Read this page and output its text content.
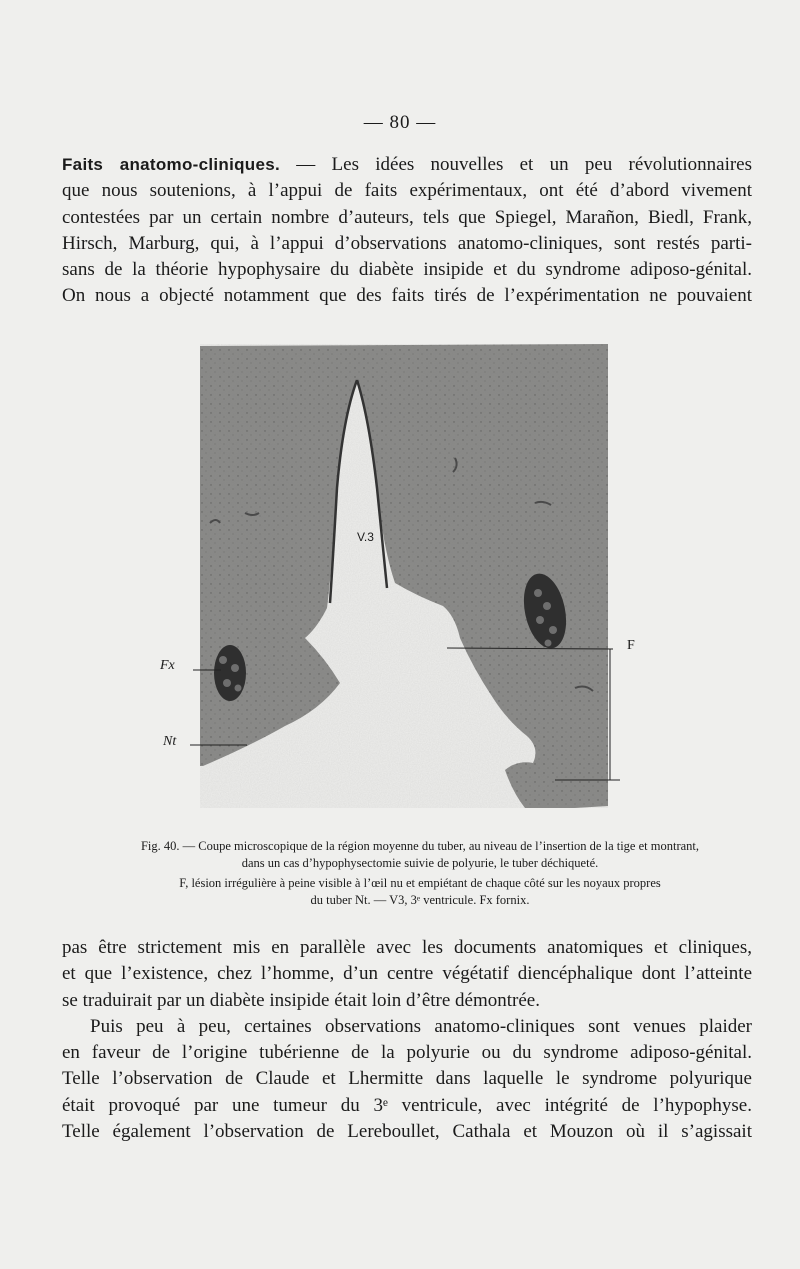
— 80 —
Faits anatomo-cliniques. — Les idées nouvelles et un peu révolutionnaires
que nous soutenions, à l’appui de faits expérimentaux, ont été d’abord vivement
contestées par un certain nombre d’auteurs, tels que Spiegel, Marañon, Biedl, Frank,
Hirsch, Marburg, qui, à l’appui d’observations anatomo-cliniques, sont restés parti-
sans de la théorie hypophysaire du diabète insipide et du syndrome adiposo-génital.
On nous a objecté notamment que des faits tirés de l’expérimentation ne pouvaient
V.3
Fx
Nt
F

Fig. 40. — Coupe microscopique de la région moyenne du tuber, au niveau de l’insertion de la tige et montrant,

dans un cas d’hypophysectomie suivie de polyurie, le tuber déchiqueté.

F, lésion irrégulière à peine visible à l’œil nu et empiétant de chaque côté sur les noyaux propres

du tuber Nt. — V3, 3ᵉ ventricule. Fx fornix.

pas être strictement mis en parallèle avec les documents anatomiques et cliniques,
et que l’existence, chez l’homme, d’un centre végétatif diencéphalique dont l’atteinte
se traduirait par un diabète insipide était loin d’être démontrée.
Puis peu à peu, certaines observations anatomo-cliniques sont venues plaider
en faveur de l’origine tubérienne de la polyurie ou du syndrome adiposo-génital.
Telle l’observation de Claude et Lhermitte dans laquelle le syndrome polyurique
était provoqué par une tumeur du 3ᵉ ventricule, avec intégrité de l’hypophyse.
Telle également l’observation de Lereboullet, Cathala et Mouzon où il s’agissait
